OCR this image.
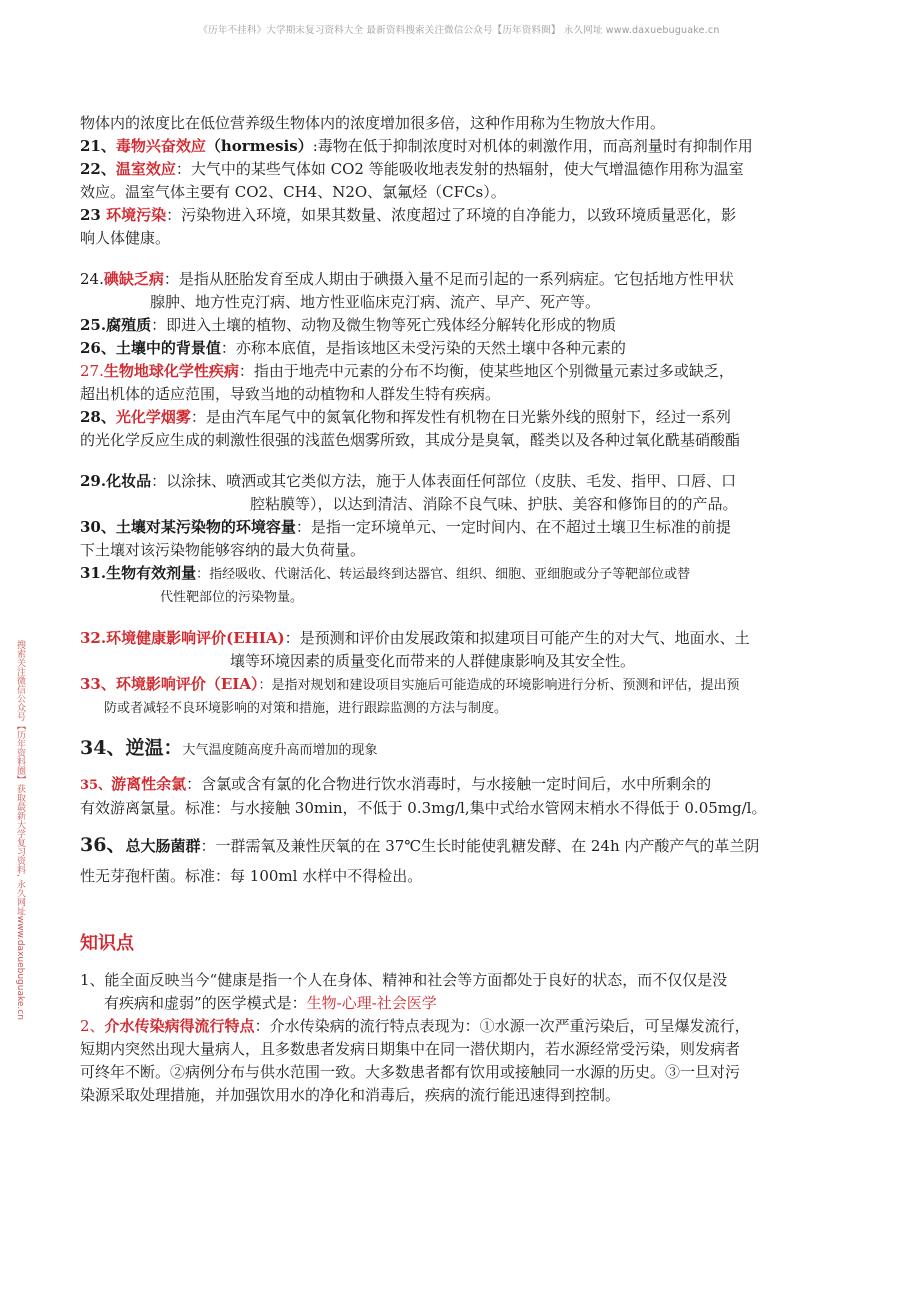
《历年不挂科》大学期末复习资料大全 最新资料搜索关注微信公众号【历年资料圈】 永久网址 www.daxuebuguake.cn
搜索关注微信公众号【历年资料圈】获取最新大学复习资料, 永久网址www.daxuebuguake.cn

物体内的浓度比在低位营养级生物体内的浓度增加很多倍，这种作用称为生物放大作用。

21、毒物兴奋效应（hormesis）:毒物在低于抑制浓度时对机体的刺激作用，而高剂量时有抑制作用

22、温室效应：大气中的某些气体如 CO2 等能吸收地表发射的热辐射，使大气增温德作用称为温室
效应。温室气体主要有 CO2、CH4、N2O、氯氟烃（CFCs）。

23 环境污染：污染物进入环境，如果其数量、浓度超过了环境的自净能力，以致环境质量恶化，影
响人体健康。

24.碘缺乏病：是指从胚胎发育至成人期由于碘摄入量不足而引起的一系列病症。它包括地方性甲状

腺肿、地方性克汀病、地方性亚临床克汀病、流产、早产、死产等。

25.腐殖质：即进入土壤的植物、动物及微生物等死亡残体经分解转化形成的物质

26、土壤中的背景值：亦称本底值，是指该地区未受污染的天然土壤中各种元素的

27.生物地球化学性疾病：指由于地壳中元素的分布不均衡，使某些地区个别微量元素过多或缺乏，
超出机体的适应范围，导致当地的动植物和人群发生特有疾病。

28、光化学烟雾：是由汽车尾气中的氮氧化物和挥发性有机物在日光紫外线的照射下，经过一系列
的光化学反应生成的刺激性很强的浅蓝色烟雾所致，其成分是臭氧，醛类以及各种过氧化酰基硝酸酯

29.化妆品：以涂抹、喷洒或其它类似方法，施于人体表面任何部位（皮肤、毛发、指甲、口唇、口

腔粘膜等），以达到清洁、消除不良气味、护肤、美容和修饰目的的产品。

30、土壤对某污染物的环境容量：是指一定环境单元、一定时间内、在不超过土壤卫生标准的前提
下土壤对该污染物能够容纳的最大负荷量。

31.生物有效剂量：指经吸收、代谢活化、转运最终到达器官、组织、细胞、亚细胞或分子等靶部位或替

代性靶部位的污染物量。

32.环境健康影响评价(EHIA)：是预测和评价由发展政策和拟建项目可能产生的对大气、地面水、土

壤等环境因素的质量变化而带来的人群健康影响及其安全性。

33、环境影响评价（EIA）：是指对规划和建设项目实施后可能造成的环境影响进行分析、预测和评估，提出预

防或者减轻不良环境影响的对策和措施，进行跟踪监测的方法与制度。

34、逆温：大气温度随高度升高而增加的现象

35、游离性余氯：含氯或含有氯的化合物进行饮水消毒时，与水接触一定时间后，水中所剩余的
有效游离氯量。标准：与水接触 30min，不低于 0.3mg/l,集中式给水管网末梢水不得低于 0.05mg/l。

36、总大肠菌群：一群需氧及兼性厌氧的在 37℃生长时能使乳糖发酵、在 24h 内产酸产气的革兰阴
性无芽孢杆菌。标准：每 100ml 水样中不得检出。

知识点

1、能全面反映当今“健康是指一个人在身体、精神和社会等方面都处于良好的状态，而不仅仅是没

有疾病和虚弱”的医学模式是：生物-心理-社会医学

2、介水传染病得流行特点：介水传染病的流行特点表现为：①水源一次严重污染后，可呈爆发流行，
短期内突然出现大量病人，且多数患者发病日期集中在同一潜伏期内，若水源经常受污染，则发病者
可终年不断。②病例分布与供水范围一致。大多数患者都有饮用或接触同一水源的历史。③一旦对污
染源采取处理措施，并加强饮用水的净化和消毒后，疾病的流行能迅速得到控制。
